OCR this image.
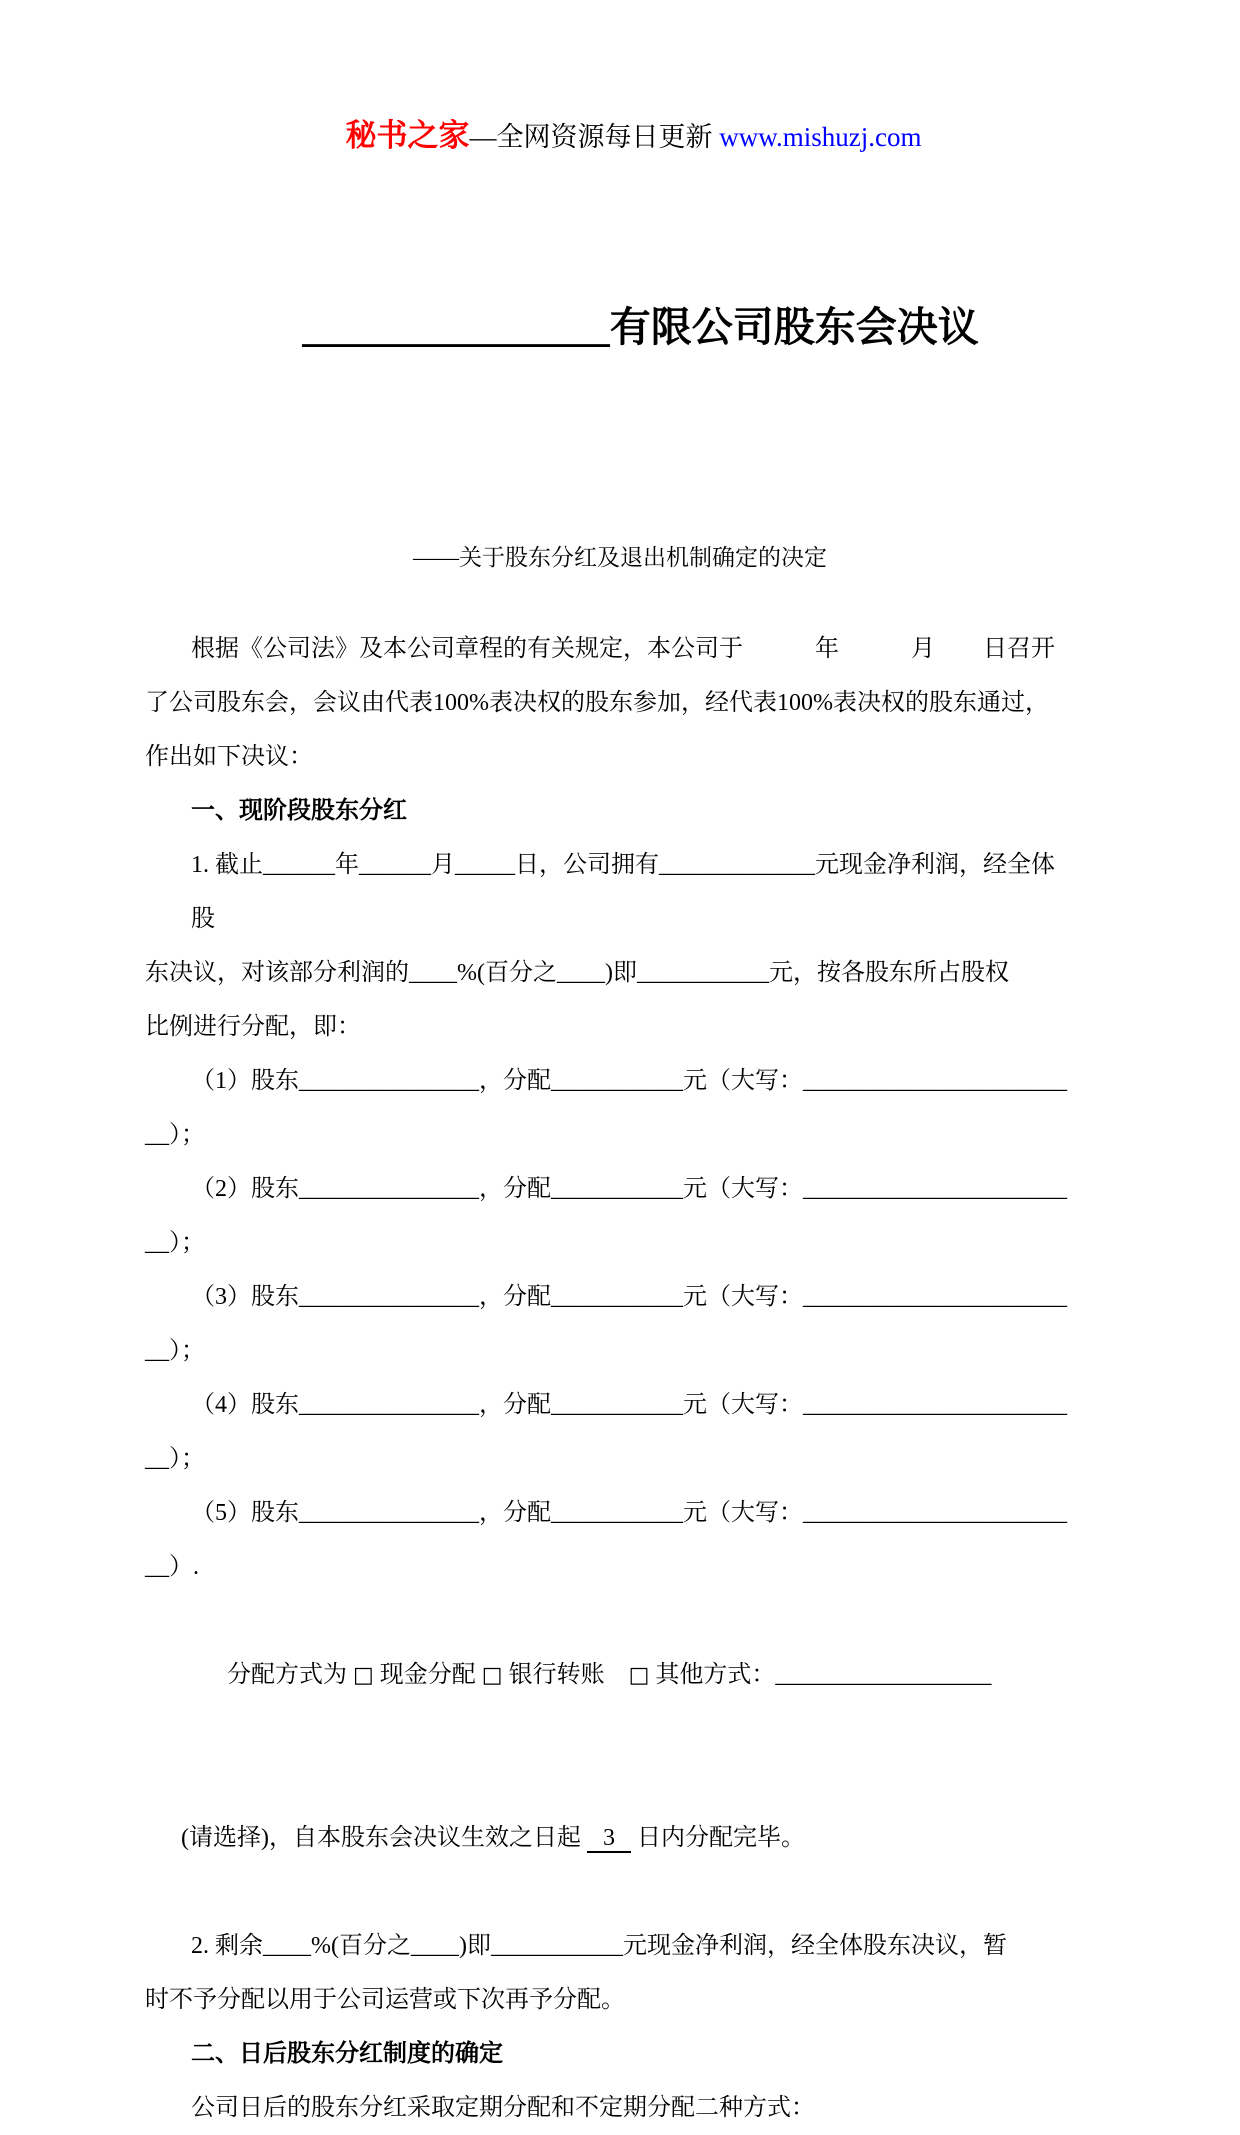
秘书之家—全网资源每日更新 www.mishuzj.com

_______________有限公司股东会决议

——关于股东分红及退出机制确定的决定
根据《公司法》及本公司章程的有关规定，本公司于　　　年　　　月　　日召开
了公司股东会，会议由代表100%表决权的股东参加，经代表100%表决权的股东通过，
作出如下决议：
一、现阶段股东分红
1. 截止______年______月_____日，公司拥有_____________元现金净利润，经全体
股
东决议，对该部分利润的____%(百分之____)即___________元，按各股东所占股权
比例进行分配，即：
（1）股东_______________，分配___________元（大写：______________________
__）；
（2）股东_______________，分配___________元（大写：______________________
__）；
（3）股东_______________，分配___________元（大写：______________________
__）；
（4）股东_______________，分配___________元（大写：______________________
__）；
（5）股东_______________，分配___________元（大写：______________________
__）.

分配方式为 □ 现金分配 □ 银行转账　□ 其他方式：__________________

(请选择)，自本股东会决议生效之日起 3 日内分配完毕。

2. 剩余____%(百分之____)即___________元现金净利润，经全体股东决议，暂
时不予分配以用于公司运营或下次再予分配。
二、日后股东分红制度的确定
公司日后的股东分红采取定期分配和不定期分配二种方式：
